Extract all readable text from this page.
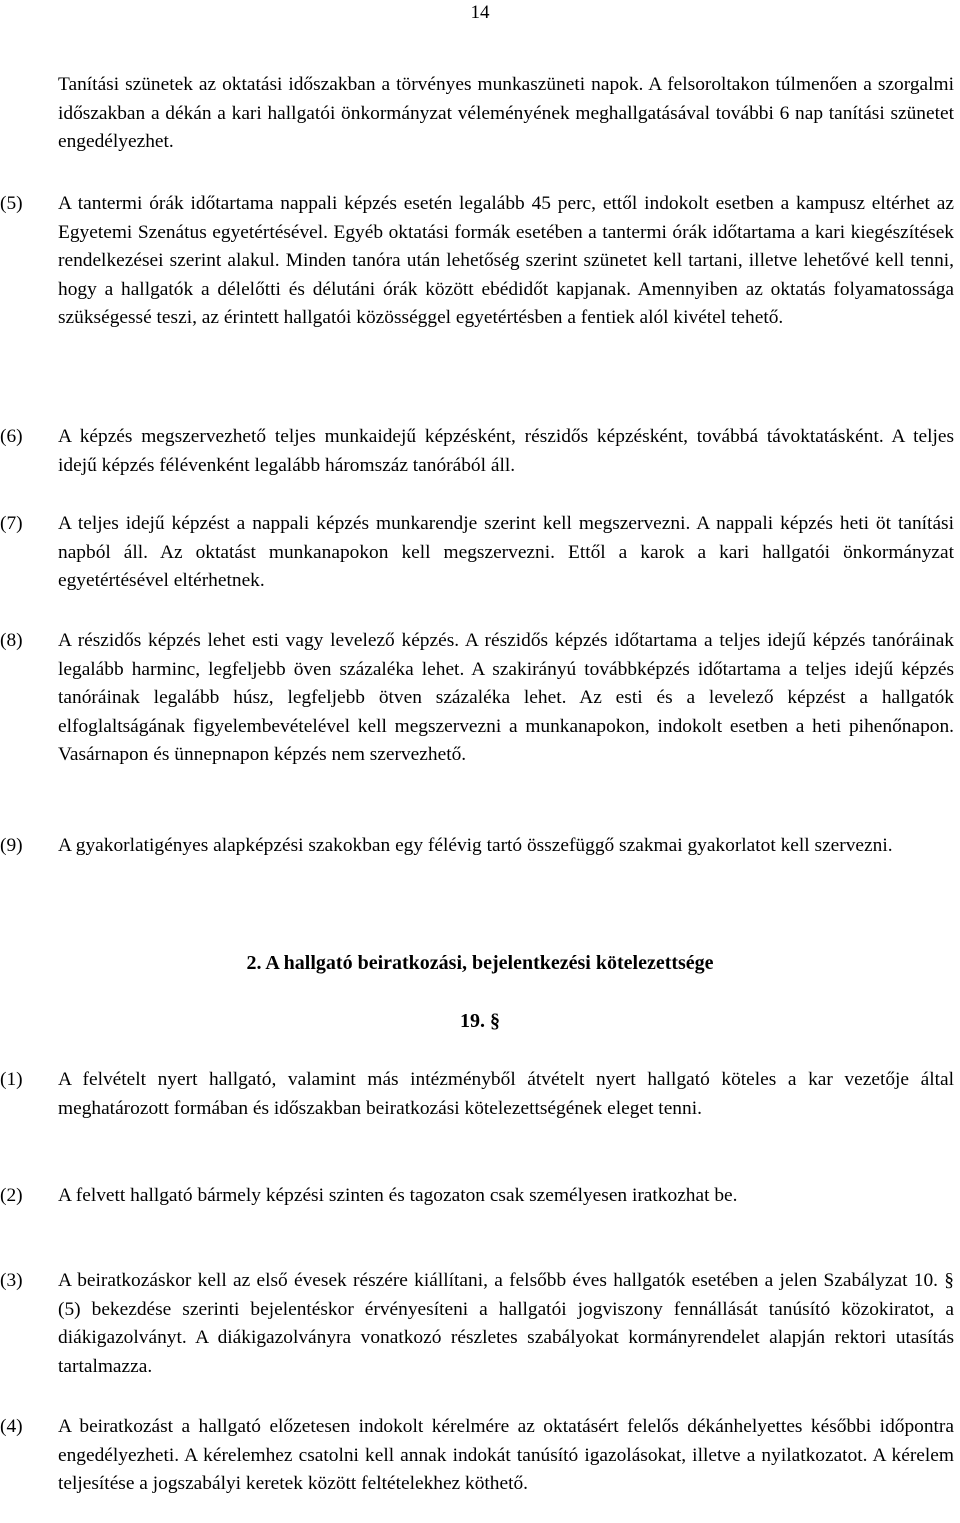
14
Tanítási szünetek az oktatási időszakban a törvényes munkaszüneti napok. A felsoroltakon túlmenően a szorgalmi időszakban a dékán a kari hallgatói önkormányzat véleményének meghallgatásával további 6 nap tanítási szünetet engedélyezhet.
(5)	A tantermi órák időtartama nappali képzés esetén legalább 45 perc, ettől indokolt esetben a kampusz eltérhet az Egyetemi Szenátus egyetértésével. Egyéb oktatási formák esetében a tantermi órák időtartama a kari kiegészítések rendelkezései szerint alakul. Minden tanóra után lehetőség szerint szünetet kell tartani, illetve lehetővé kell tenni, hogy a hallgatók a délelőtti és délutáni órák között ebédidőt kapjanak. Amennyiben az oktatás folyamatossága szükségessé teszi, az érintett hallgatói közösséggel egyetértésben a fentiek alól kivétel tehető.
(6)	A képzés megszervezhető teljes munkaidejű képzésként, részidős képzésként, továbbá távoktatásként. A teljes idejű képzés félévenként legalább háromszáz tanórából áll.
(7)	A teljes idejű képzést a nappali képzés munkarendje szerint kell megszervezni. A nappali képzés heti öt tanítási napból áll. Az oktatást munkanapokon kell megszervezni. Ettől a karok a kari hallgatói önkormányzat egyetértésével eltérhetnek.
(8)	A részidős képzés lehet esti vagy levelező képzés. A részidős képzés időtartama a teljes idejű képzés tanóráinak legalább harminc, legfeljebb öven százaléka lehet. A szakirányú továbbképzés időtartama a teljes idejű képzés tanóráinak legalább húsz, legfeljebb ötven százaléka lehet. Az esti és a levelező képzést a hallgatók elfoglaltságának figyelembevételével kell megszervezni a munkanapokon, indokolt esetben a heti pihenőnapon. Vasárnapon és ünnepnapon képzés nem szervezhető.
(9)	A gyakorlatigényes alapképzési szakokban egy félévig tartó összefüggő szakmai gyakorlatot kell szervezni.
2. A hallgató beiratkozási, bejelentkezési kötelezettsége
19. §
(1)	A felvételt nyert hallgató, valamint más intézményből átvételt nyert hallgató köteles a kar vezetője által meghatározott formában és időszakban beiratkozási kötelezettségének eleget tenni.
(2)	A felvett hallgató bármely képzési szinten és tagozaton csak személyesen iratkozhat be.
(3)	A beiratkozáskor kell az első évesek részére kiállítani, a felsőbb éves hallgatók esetében a jelen Szabályzat 10. § (5) bekezdése szerinti bejelentéskor érvényesíteni a hallgatói jogviszony fennállását tanúsító közokiratot, a diákigazolványt. A diákigazolványra vonatkozó részletes szabályokat kormányrendelet alapján rektori utasítás tartalmazza.
(4)	A beiratkozást a hallgató előzetesen indokolt kérelmére az oktatásért felelős dékánhelyettes későbbi időpontra engedélyezheti. A kérelemhez csatolni kell annak indokát tanúsító igazolásokat, illetve a nyilatkozatot. A kérelem teljesítése a jogszabályi keretek között feltételekhez köthető.
